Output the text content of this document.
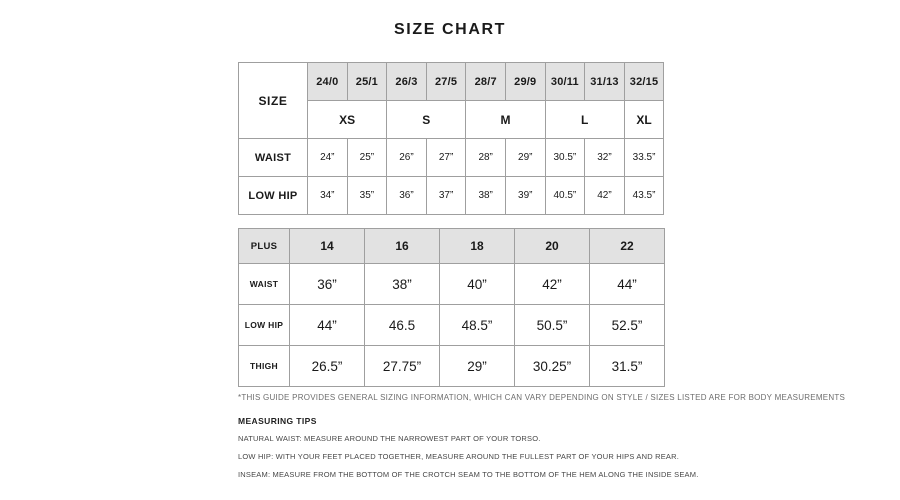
SIZE CHART
SIZE	24/0	25/1	26/3	27/5	28/7	29/9	30/11	31/13	32/15
	XS		S		M		L		XL
WAIST	24”	25”	26”	27”	28”	29”	30.5”	32”	33.5”
LOW HIP	34”	35”	36”	37”	38”	39”	40.5”	42”	43.5”
PLUS	14	16	18	20	22
WAIST	36”	38”	40”	42”	44”
LOW HIP	44”	46.5	48.5”	50.5”	52.5”
THIGH	26.5”	27.75”	29”	30.25”	31.5”
*THIS GUIDE PROVIDES GENERAL SIZING INFORMATION, WHICH CAN VARY DEPENDING ON STYLE / SIZES LISTED ARE FOR BODY MEASUREMENTS
MEASURING TIPS
NATURAL WAIST: MEASURE AROUND THE NARROWEST PART OF YOUR TORSO.
LOW HIP: WITH YOUR FEET PLACED TOGETHER, MEASURE AROUND THE FULLEST PART OF YOUR HIPS AND REAR.
INSEAM: MEASURE FROM THE BOTTOM OF THE CROTCH SEAM TO THE BOTTOM OF THE HEM ALONG THE INSIDE SEAM.
